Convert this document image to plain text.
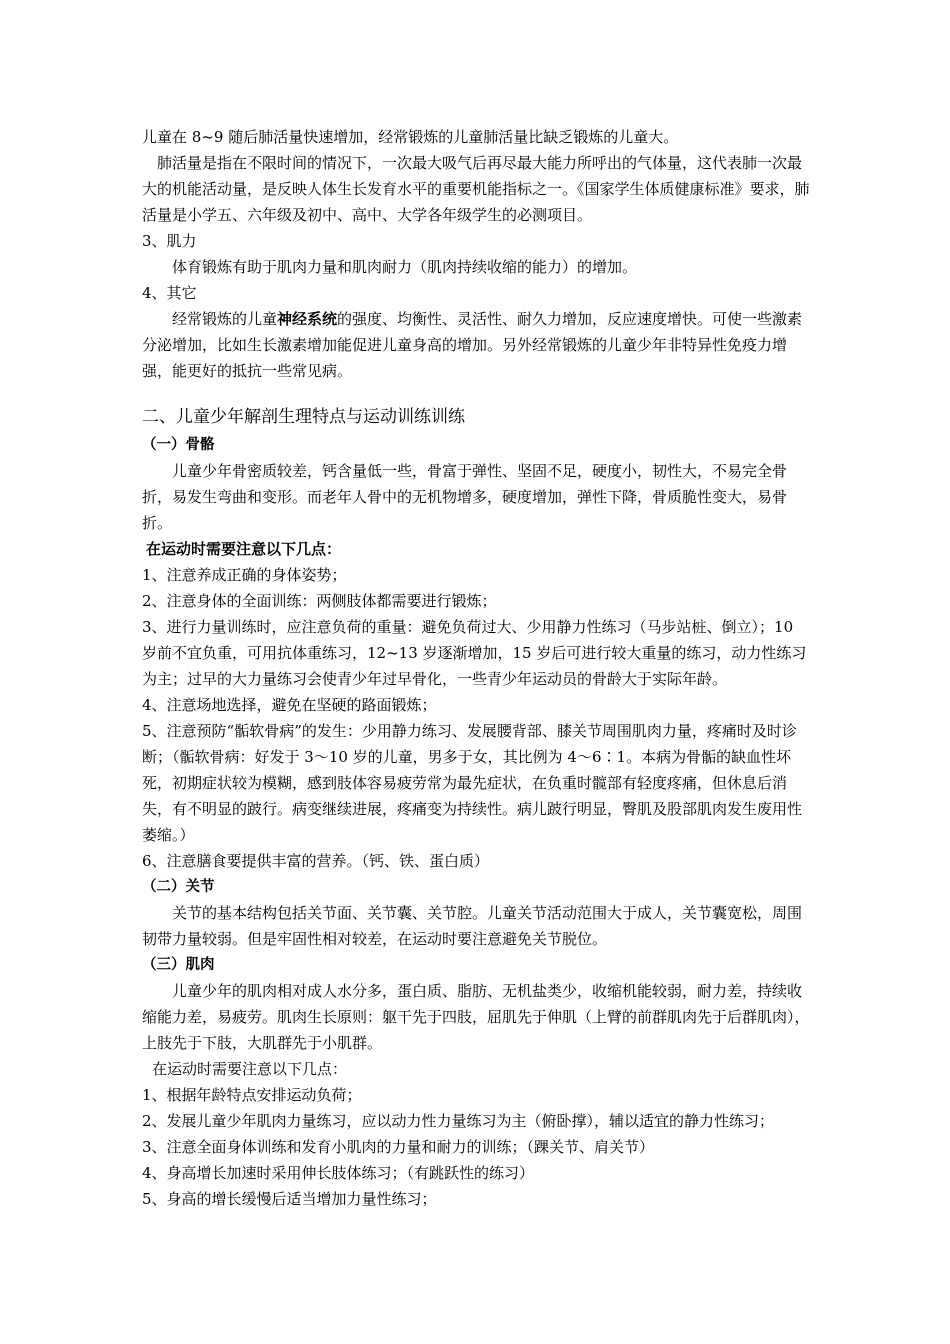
儿童在 8~9 随后肺活量快速增加，经常锻炼的儿童肺活量比缺乏锻炼的儿童大。

肺活量是指在不限时间的情况下，一次最大吸气后再尽最大能力所呼出的气体量，这代表肺一次最大的机能活动量，是反映人体生长发育水平的重要机能指标之一。《国家学生体质健康标准》要求，肺活量是小学五、六年级及初中、高中、大学各年级学生的必测项目。

3、肌力

体育锻炼有助于肌肉力量和肌肉耐力（肌肉持续收缩的能力）的增加。

4、其它

经常锻炼的儿童神经系统的强度、均衡性、灵活性、耐久力增加，反应速度增快。可使一些激素分泌增加，比如生长激素增加能促进儿童身高的增加。另外经常锻炼的儿童少年非特异性免疫力增强，能更好的抵抗一些常见病。

二、儿童少年解剖生理特点与运动训练训练

（一）骨骼

儿童少年骨密质较差，钙含量低一些，骨富于弹性、坚固不足，硬度小，韧性大，不易完全骨折，易发生弯曲和变形。而老年人骨中的无机物增多，硬度增加，弹性下降，骨质脆性变大，易骨折。

在运动时需要注意以下几点：

1、注意养成正确的身体姿势；

2、注意身体的全面训练：两侧肢体都需要进行锻炼；

3、进行力量训练时，应注意负荷的重量：避免负荷过大、少用静力性练习（马步站桩、倒立）；10 岁前不宜负重，可用抗体重练习，12~13 岁逐渐增加，15 岁后可进行较大重量的练习，动力性练习为主；过早的大力量练习会使青少年过早骨化，一些青少年运动员的骨龄大于实际年龄。

4、注意场地选择，避免在坚硬的路面锻炼；

5、注意预防“骺软骨病”的发生：少用静力练习、发展腰背部、膝关节周围肌肉力量，疼痛时及时诊断；（骺软骨病：好发于 3～10 岁的儿童，男多于女，其比例为 4～6∶1。本病为骨骺的缺血性坏死，初期症状较为模糊，感到肢体容易疲劳常为最先症状，在负重时髋部有轻度疼痛，但休息后消失，有不明显的跛行。病变继续进展，疼痛变为持续性。病儿跛行明显，臀肌及股部肌肉发生废用性萎缩。）

6、注意膳食要提供丰富的营养。（钙、铁、蛋白质）

（二）关节

关节的基本结构包括关节面、关节囊、关节腔。儿童关节活动范围大于成人，关节囊宽松，周围韧带力量较弱。但是牢固性相对较差，在运动时要注意避免关节脱位。

（三）肌肉

儿童少年的肌肉相对成人水分多，蛋白质、脂肪、无机盐类少，收缩机能较弱，耐力差，持续收缩能力差，易疲劳。肌肉生长原则：躯干先于四肢，屈肌先于伸肌（上臂的前群肌肉先于后群肌肉），上肢先于下肢，大肌群先于小肌群。

在运动时需要注意以下几点：

1、根据年龄特点安排运动负荷；

2、发展儿童少年肌肉力量练习，应以动力性力量练习为主（俯卧撑），辅以适宜的静力性练习；

3、注意全面身体训练和发育小肌肉的力量和耐力的训练；（踝关节、肩关节）

4、身高增长加速时采用伸长肢体练习；（有跳跃性的练习）

5、身高的增长缓慢后适当增加力量性练习；
